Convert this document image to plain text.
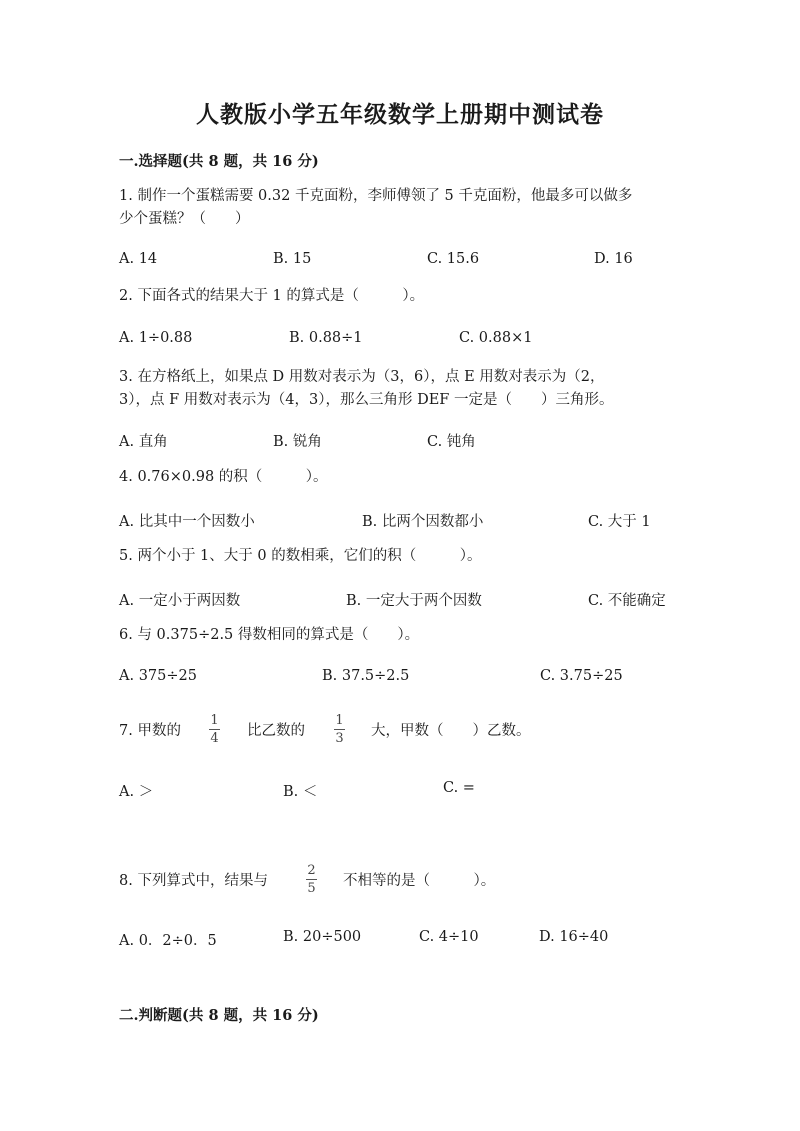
人教版小学五年级数学上册期中测试卷
一.选择题(共 8 题，共 16 分)
1. 制作一个蛋糕需要 0.32 千克面粉，李师傅领了 5 千克面粉，他最多可以做多
少个蛋糕？（　　）
A. 14	B. 15	C. 15.6	D. 16
2. 下面各式的结果大于 1 的算式是（　　　）。
A. 1÷0.88	B. 0.88÷1	C. 0.88×1
3. 在方格纸上，如果点 D 用数对表示为（3，6），点 E 用数对表示为（2，
3），点 F 用数对表示为（4，3），那么三角形 DEF 一定是（　　）三角形。
A. 直角	B. 锐角	C. 钝角
4. 0.76×0.98 的积（　　　）。
A. 比其中一个因数小	B. 比两个因数都小	C. 大于 1
5. 两个小于 1、大于 0 的数相乘，它们的积（　　　）。
A. 一定小于两因数	B. 一定大于两个因数	C. 不能确定
6. 与 0.375÷2.5 得数相同的算式是（　　）。
A. 375÷25	B. 37.5÷2.5	C. 3.75÷25
7. 甲数的
1
4 比乙数的
1
3 大，甲数（　　）乙数。
A. ＞	B. ＜	C. =
8. 下列算式中，结果与
2
5 不相等的是（　　　）。
A. 0．2÷0．5	B. 20÷500	C. 4÷10	D. 16÷40
二.判断题(共 8 题，共 16 分)
